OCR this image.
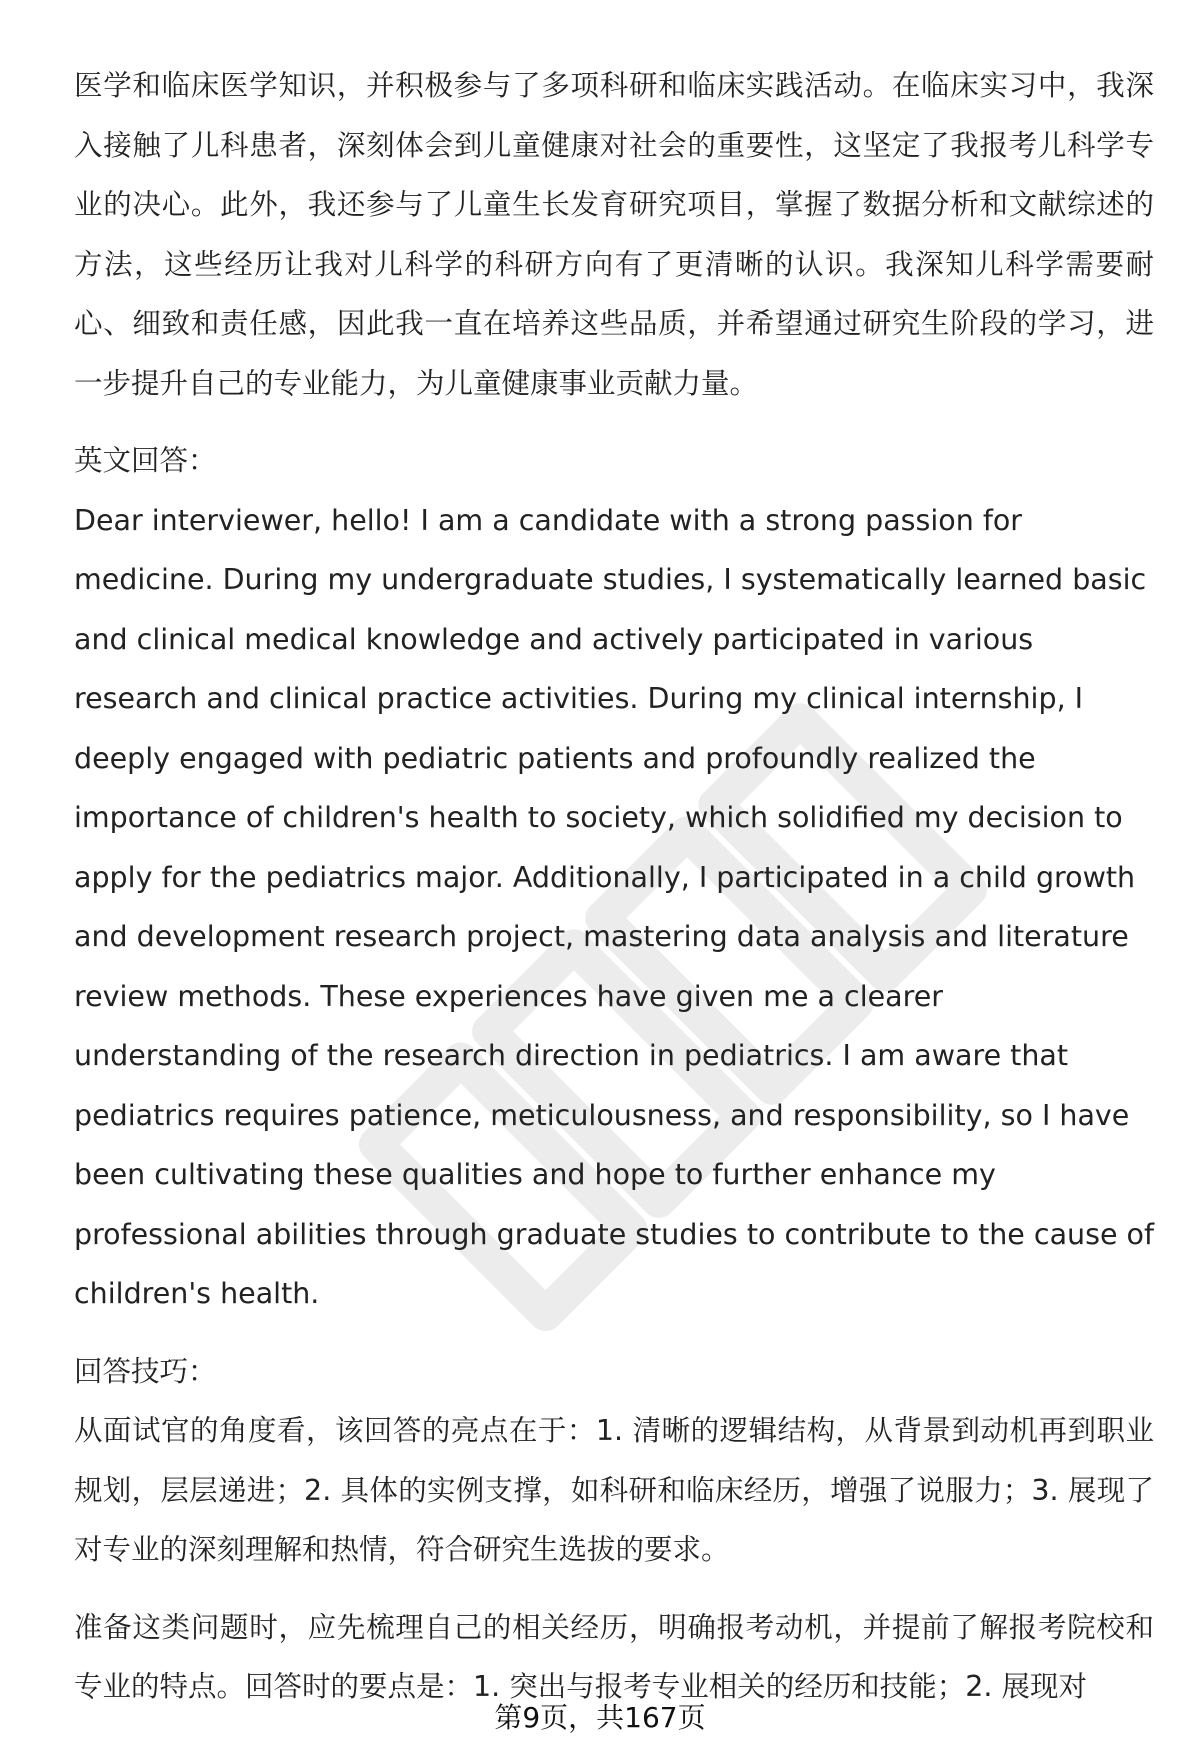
医学和临床医学知识，并积极参与了多项科研和临床实践活动。在临床实习中，我深入接触了儿科患者，深刻体会到儿童健康对社会的重要性，这坚定了我报考儿科学专业的决心。此外，我还参与了儿童生长发育研究项目，掌握了数据分析和文献综述的方法，这些经历让我对儿科学的科研方向有了更清晰的认识。我深知儿科学需要耐心、细致和责任感，因此我一直在培养这些品质，并希望通过研究生阶段的学习，进一步提升自己的专业能力，为儿童健康事业贡献力量。

英文回答：

Dear interviewer, hello! I am a candidate with a strong passion for medicine. During my undergraduate studies, I systematically learned basic and clinical medical knowledge and actively participated in various research and clinical practice activities. During my clinical internship, I deeply engaged with pediatric patients and profoundly realized the importance of children's health to society, which solidified my decision to apply for the pediatrics major. Additionally, I participated in a child growth and development research project, mastering data analysis and literature review methods. These experiences have given me a clearer understanding of the research direction in pediatrics. I am aware that pediatrics requires patience, meticulousness, and responsibility, so I have been cultivating these qualities and hope to further enhance my professional abilities through graduate studies to contribute to the cause of children's health.

回答技巧：

从面试官的角度看，该回答的亮点在于：1. 清晰的逻辑结构，从背景到动机再到职业规划，层层递进；2. 具体的实例支撑，如科研和临床经历，增强了说服力；3. 展现了对专业的深刻理解和热情，符合研究生选拔的要求。

准备这类问题时，应先梳理自己的相关经历，明确报考动机，并提前了解报考院校和专业的特点。回答时的要点是：1. 突出与报考专业相关的经历和技能；2. 展现对

第9页，共167页
